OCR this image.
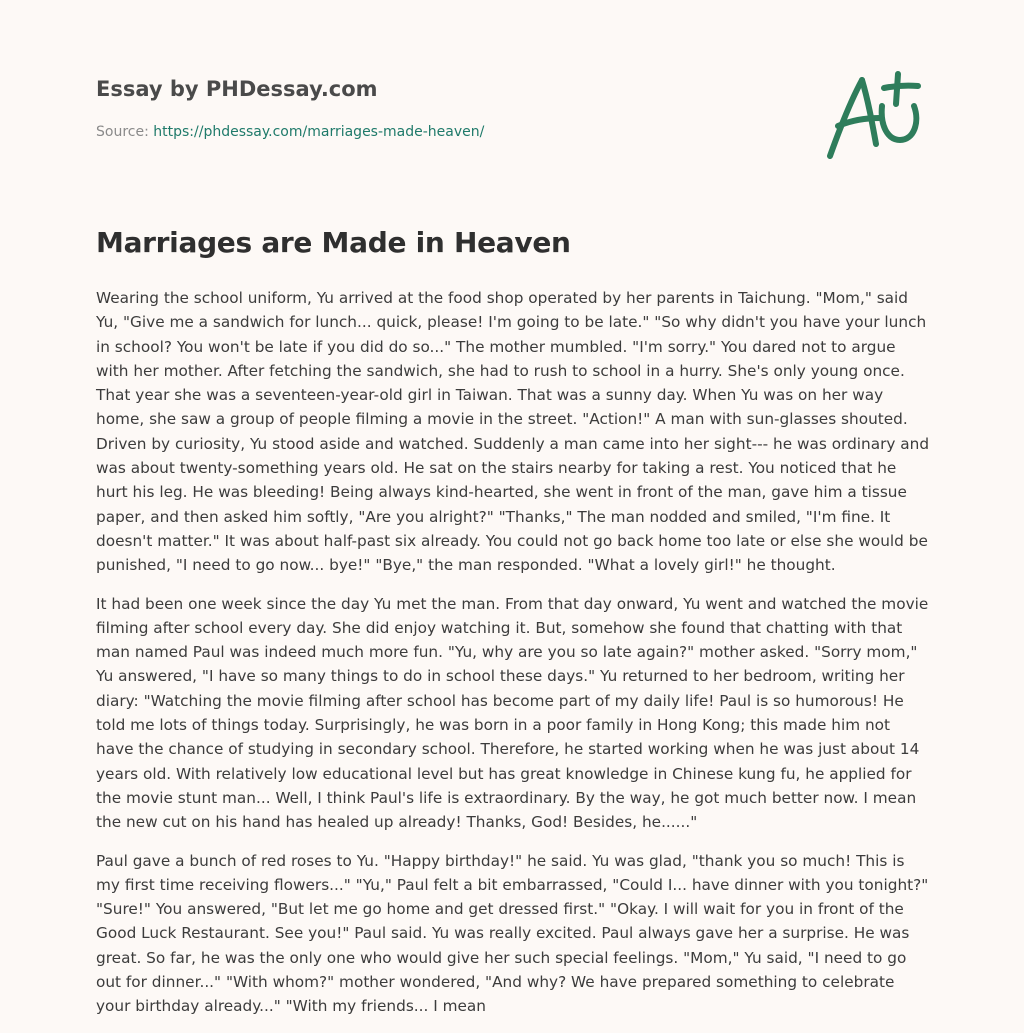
Essay by PHDessay.com

Source: https://phdessay.com/marriages-made-heaven/

Marriages are Made in Heaven

Wearing the school uniform, Yu arrived at the food shop operated by her parents in Taichung. "Mom," said Yu, "Give me a sandwich for lunch... quick, please! I'm going to be late." "So why didn't you have your lunch in school? You won't be late if you did do so..." The mother mumbled. "I'm sorry." You dared not to argue with her mother. After fetching the sandwich, she had to rush to school in a hurry. She's only young once. That year she was a seventeen-year-old girl in Taiwan. That was a sunny day. When Yu was on her way home, she saw a group of people filming a movie in the street. "Action!" A man with sun-glasses shouted. Driven by curiosity, Yu stood aside and watched. Suddenly a man came into her sight--- he was ordinary and was about twenty-something years old. He sat on the stairs nearby for taking a rest. You noticed that he hurt his leg. He was bleeding! Being always kind-hearted, she went in front of the man, gave him a tissue paper, and then asked him softly, "Are you alright?" "Thanks," The man nodded and smiled, "I'm fine. It doesn't matter." It was about half-past six already. You could not go back home too late or else she would be punished, "I need to go now... bye!" "Bye," the man responded. "What a lovely girl!" he thought.

It had been one week since the day Yu met the man. From that day onward, Yu went and watched the movie filming after school every day. She did enjoy watching it. But, somehow she found that chatting with that man named Paul was indeed much more fun. "Yu, why are you so late again?" mother asked. "Sorry mom," Yu answered, "I have so many things to do in school these days." Yu returned to her bedroom, writing her diary: "Watching the movie filming after school has become part of my daily life! Paul is so humorous! He told me lots of things today. Surprisingly, he was born in a poor family in Hong Kong; this made him not have the chance of studying in secondary school. Therefore, he started working when he was just about 14 years old. With relatively low educational level but has great knowledge in Chinese kung fu, he applied for the movie stunt man... Well, I think Paul's life is extraordinary. By the way, he got much better now. I mean the new cut on his hand has healed up already! Thanks, God! Besides, he......"

Paul gave a bunch of red roses to Yu. "Happy birthday!" he said. Yu was glad, "thank you so much! This is my first time receiving flowers..." "Yu," Paul felt a bit embarrassed, "Could I... have dinner with you tonight?" "Sure!" You answered, "But let me go home and get dressed first." "Okay. I will wait for you in front of the Good Luck Restaurant. See you!" Paul said. Yu was really excited. Paul always gave her a surprise. He was great. So far, he was the only one who would give her such special feelings. "Mom," Yu said, "I need to go out for dinner..." "With whom?" mother wondered, "And why? We have prepared something to celebrate your birthday already..." "With my friends... I mean
